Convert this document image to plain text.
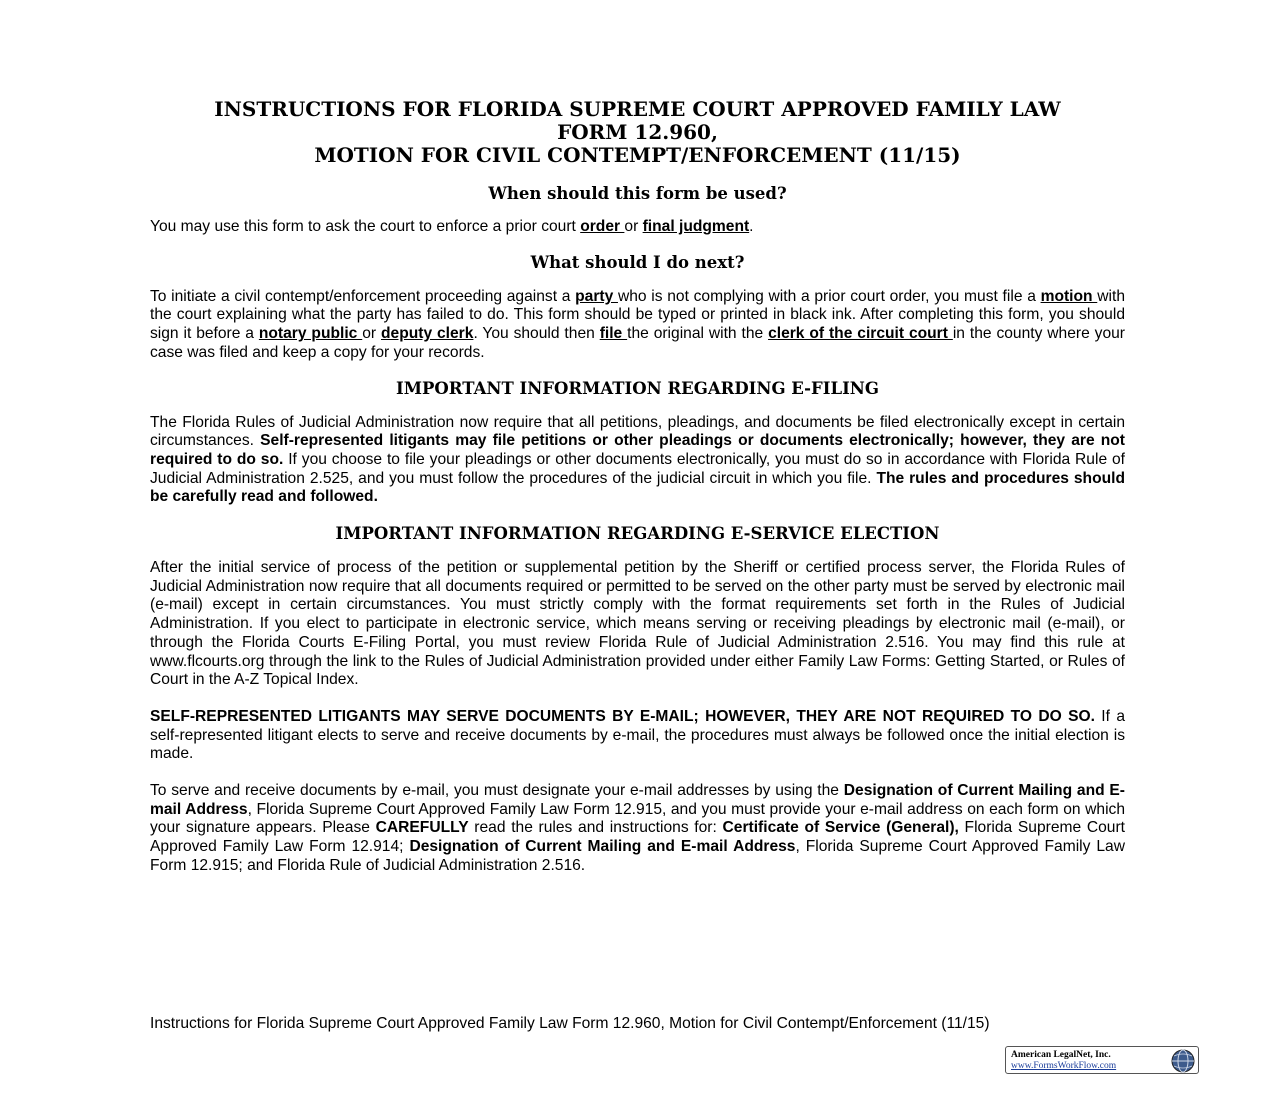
INSTRUCTIONS FOR FLORIDA SUPREME COURT APPROVED FAMILY LAW
FORM 12.960,
MOTION FOR CIVIL CONTEMPT/ENFORCEMENT (11/15)
When should this form be used?

You may use this form to ask the court to enforce a prior court order or final judgment.

What should I do next?

To initiate a civil contempt/enforcement proceeding against a party who is not complying with a prior court order, you must file a motion with the court explaining what the party has failed to do. This form should be typed or printed in black ink. After completing this form, you should sign it before a notary public or deputy clerk. You should then file the original with the clerk of the circuit court in the county where your case was filed and keep a copy for your records.

IMPORTANT INFORMATION REGARDING E-FILING

The Florida Rules of Judicial Administration now require that all petitions, pleadings, and documents be filed electronically except in certain circumstances. Self-represented litigants may file petitions or other pleadings or documents electronically; however, they are not required to do so. If you choose to file your pleadings or other documents electronically, you must do so in accordance with Florida Rule of Judicial Administration 2.525, and you must follow the procedures of the judicial circuit in which you file. The rules and procedures should be carefully read and followed.

IMPORTANT INFORMATION REGARDING E-SERVICE ELECTION

After the initial service of process of the petition or supplemental petition by the Sheriff or certified process server, the Florida Rules of Judicial Administration now require that all documents required or permitted to be served on the other party must be served by electronic mail (e-mail) except in certain circumstances. You must strictly comply with the format requirements set forth in the Rules of Judicial Administration. If you elect to participate in electronic service, which means serving or receiving pleadings by electronic mail (e-mail), or through the Florida Courts E-Filing Portal, you must review Florida Rule of Judicial Administration 2.516. You may find this rule at www.flcourts.org through the link to the Rules of Judicial Administration provided under either Family Law Forms: Getting Started, or Rules of Court in the A-Z Topical Index.

SELF-REPRESENTED LITIGANTS MAY SERVE DOCUMENTS BY E-MAIL; HOWEVER, THEY ARE NOT REQUIRED TO DO SO. If a self-represented litigant elects to serve and receive documents by e-mail, the procedures must always be followed once the initial election is made.

To serve and receive documents by e-mail, you must designate your e-mail addresses by using the Designation of Current Mailing and E-mail Address, Florida Supreme Court Approved Family Law Form 12.915, and you must provide your e-mail address on each form on which your signature appears. Please CAREFULLY read the rules and instructions for: Certificate of Service (General), Florida Supreme Court Approved Family Law Form 12.914; Designation of Current Mailing and E-mail Address, Florida Supreme Court Approved Family Law Form 12.915; and Florida Rule of Judicial Administration 2.516.

Instructions for Florida Supreme Court Approved Family Law Form 12.960, Motion for Civil Contempt/Enforcement (11/15)
American LegalNet, Inc.
www.FormsWorkFlow.com
